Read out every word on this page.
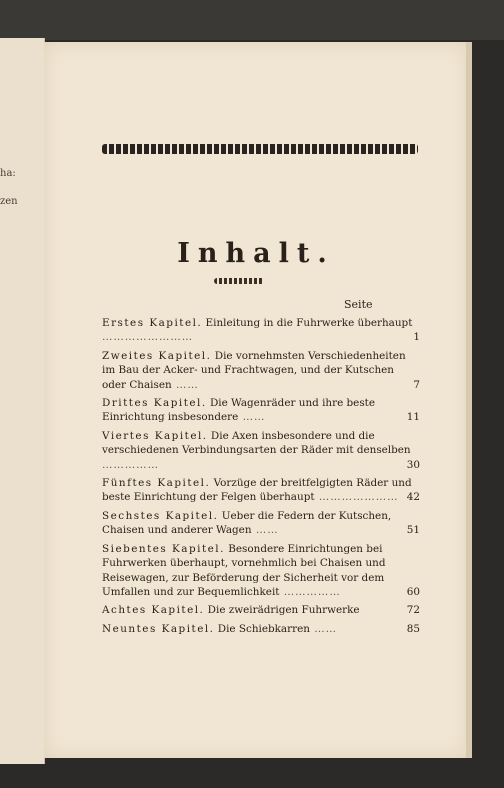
ha:
zen
Inhalt.
Seite
Erstes Kapitel. Einleitung in die Fuhrwerke überhaupt ……………………	1
Zweites Kapitel. Die vornehmsten Verschiedenheiten im Bau der Acker- und Frachtwagen, und der Kutschen oder Chaisen ……	7
Drittes Kapitel. Die Wagenräder und ihre beste Einrichtung insbesondere ……	11
Viertes Kapitel. Die Axen insbesondere und die verschiedenen Verbindungsarten der Räder mit denselben ……………	30
Fünftes Kapitel. Vorzüge der breitfelgigten Räder und beste Einrichtung der Felgen überhaupt ………………… 42
Sechstes Kapitel. Ueber die Federn der Kutschen, Chaisen und anderer Wagen ……	51
Siebentes Kapitel. Besondere Einrichtungen bei Fuhrwerken überhaupt, vornehmlich bei Chaisen und Reisewagen, zur Beförderung der Sicherheit vor dem Umfallen und zur Bequemlichkeit ……………	60
Achtes Kapitel. Die zweirädrigen Fuhrwerke	72
Neuntes Kapitel. Die Schiebkarren ……	85
